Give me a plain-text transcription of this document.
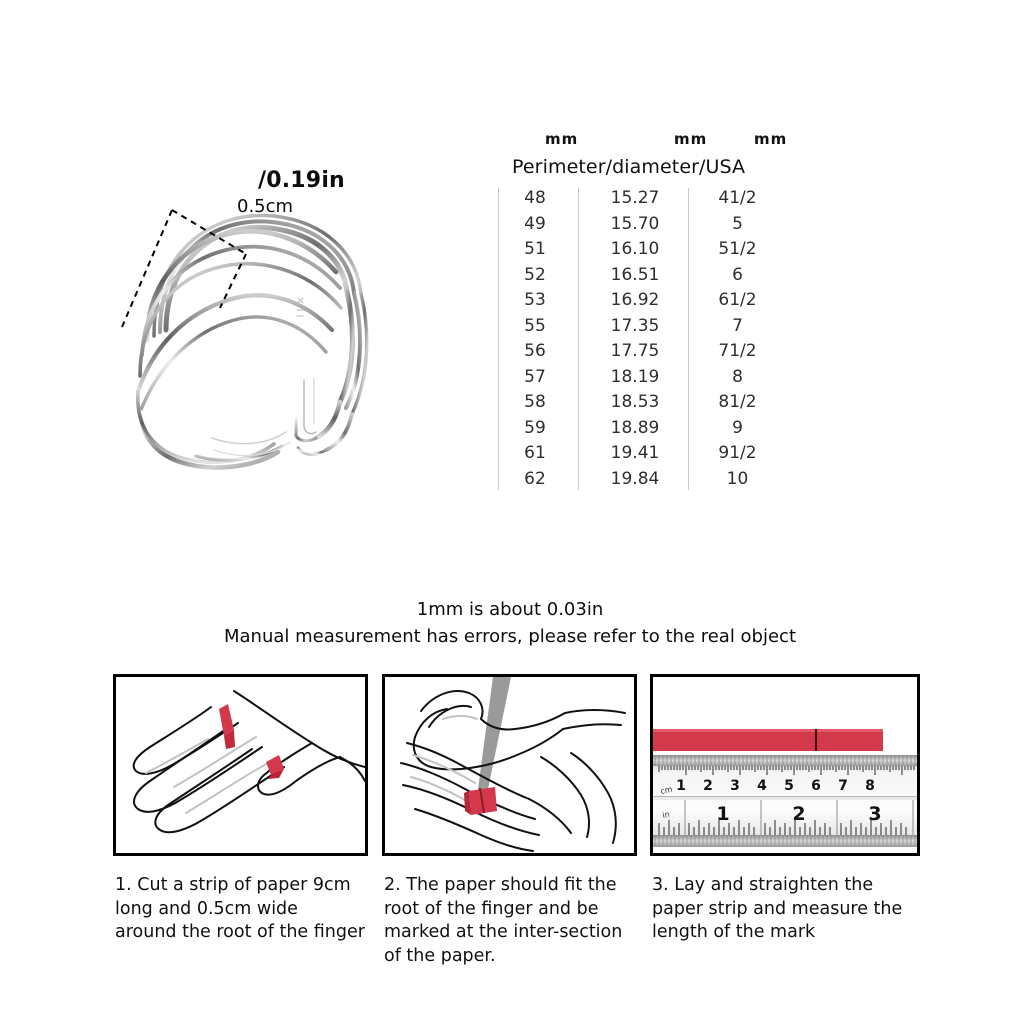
/0.19in
0.5cm
mm	mm	mm
Perimeter/diameter/USA
48	15.27	41/2
49	15.70	5
51	16.10	51/2
52	16.51	6
53	16.92	61/2
55	17.35	7
56	17.75	71/2
57	18.19	8
58	18.53	81/2
59	18.89	9
61	19.41	91/2
62	19.84	10
1mm is about 0.03in
Manual measurement has errors, please refer to the real object
1 2 3 4 5 6 7 8
cm
1	2	3
in
1. Cut a strip of paper 9cm long and 0.5cm wide around the root of the finger
2. The paper should fit the root of the finger and be marked at the inter-section of the paper.
3. Lay and straighten the paper strip and measure the length of the mark
